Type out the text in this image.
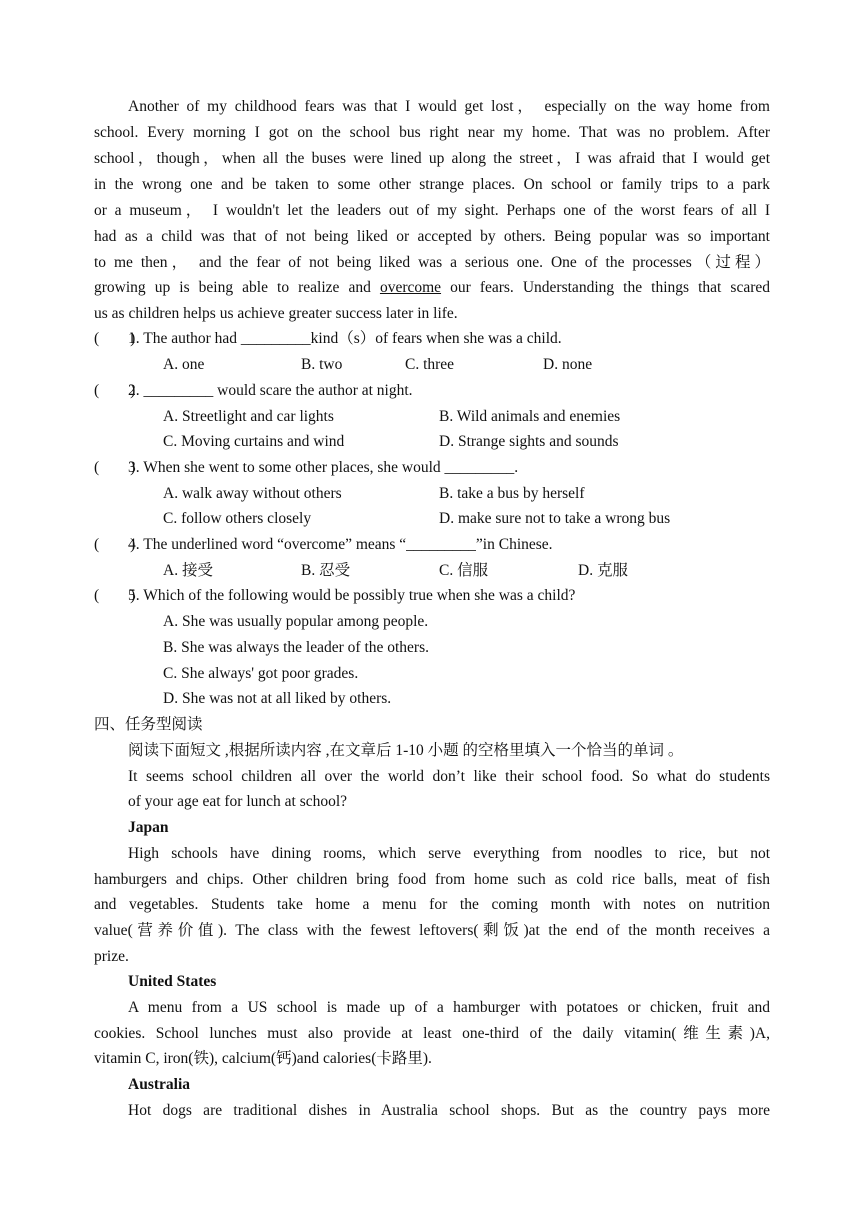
Another of my childhood fears was that I would get lost， especially on the way home from
school. Every morning I got on the school bus right near my home. That was no problem. After
school，though，when all the buses were lined up along the street，I was afraid that I would get
in the wrong one and be taken to some other strange places. On school or family trips to a park
or a museum， I wouldn't let the leaders out of my sight. Perhaps one of the worst fears of all I
had as a child was that of not being liked or accepted by others. Being popular was so important
to me then， and the fear of not being liked was a serious one. One of the processes（过程）
growing up is being able to realize and overcome our fears. Understanding the things that scared
us as children helps us achieve greater success later in life.
(　　)
1. The author had _________kind（s）of fears when she was a child.
A. one	B. two	C. three	D. none
(　　)
2. _________ would scare the author at night.
A. Streetlight and car lights	B. Wild animals and enemies
C. Moving curtains and wind	D. Strange sights and sounds
(　　)
3. When she went to some other places, she would _________.
A. walk away without others	B. take a bus by herself
C. follow others closely	D. make sure not to take a wrong bus
(　　)
4. The underlined word “overcome” means “_________”in Chinese.
A. 接受	B. 忍受	C. 信服	D. 克服
(　　)
5. Which of the following would be possibly true when she was a child?
A. She was usually popular among people.
B. She was always the leader of the others.
C. She always' got poor grades.
D. She was not at all liked by others.
四、任务型阅读
阅读下面短文 ,根据所读内容 ,在文章后 1-10 小题 的空格里填入一个恰当的单词 。
It seems school children all over the world don’t like their school food. So what do students
of your age eat for lunch at school?
Japan
High schools have dining rooms, which serve everything from noodles to rice, but not
hamburgers and chips. Other children bring food from home such as cold rice balls, meat of fish
and vegetables. Students take home a menu for the coming month with notes on nutrition
value(营养价值). The class with the fewest leftovers(剩饭)at the end of the month receives a
prize.
United States
A menu from a US school is made up of a hamburger with potatoes or chicken, fruit and
cookies. School lunches must also provide at least one-third of the daily vitamin(维生素)A,
vitamin C, iron(铁), calcium(钙)and calories(卡路里).
Australia
Hot dogs are traditional dishes in Australia school shops. But as the country pays more
